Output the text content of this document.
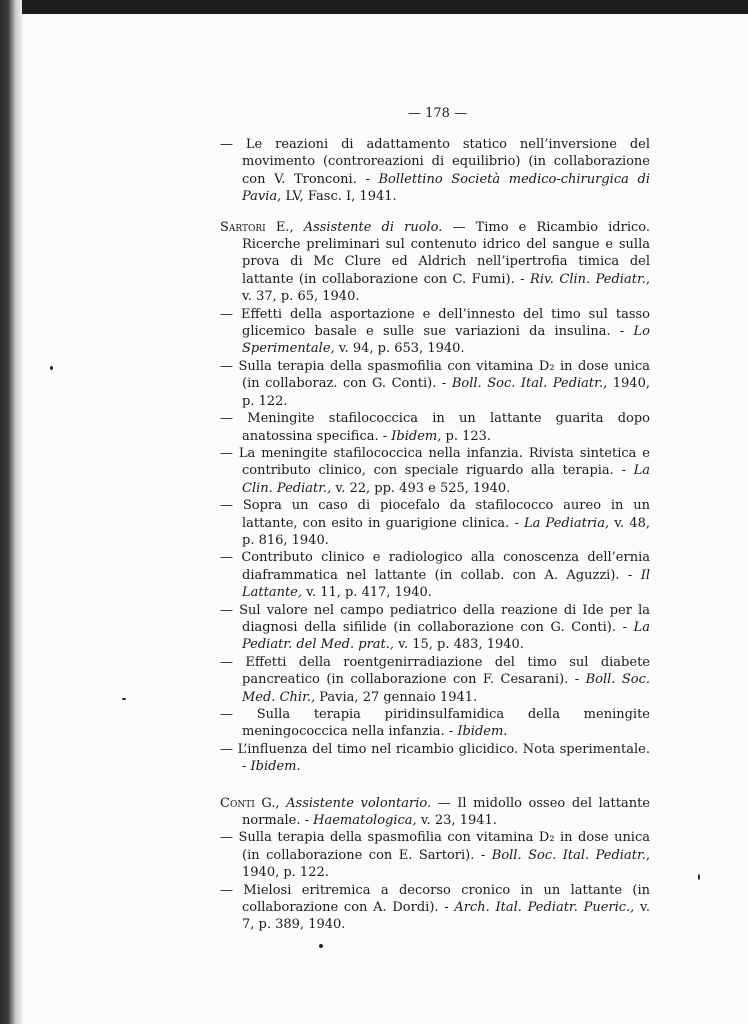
— 178 —
— Le reazioni di adattamento statico nell’inversione del movimento (controreazioni di equilibrio) (in collaborazione con V. Tronconi. - Bollettino Società medico-chirurgica di Pavia, LV, Fasc. I, 1941.
Sartori E., Assistente di ruolo. — Timo e Ricambio idrico. Ricerche preliminari sul contenuto idrico del sangue e sulla prova di Mc Clure ed Aldrich nell’ipertrofia timica del lattante (in collaborazione con C. Fumi). - Riv. Clin. Pediatr., v. 37, p. 65, 1940.
— Effetti della asportazione e dell’innesto del timo sul tasso glicemico basale e sulle sue variazioni da insulina. - Lo Sperimentale, v. 94, p. 653, 1940.
— Sulla terapia della spasmofilia con vitamina D₂ in dose unica (in collaboraz. con G. Conti). - Boll. Soc. Ital. Pediatr., 1940, p. 122.
— Meningite stafilococcica in un lattante guarita dopo anatossina specifica. - Ibidem, p. 123.
— La meningite stafilococcica nella infanzia. Rivista sintetica e contributo clinico, con speciale riguardo alla terapia. - La Clin. Pediatr., v. 22, pp. 493 e 525, 1940.
— Sopra un caso di piocefalo da stafilococco aureo in un lattante, con esito in guarigione clinica. - La Pediatria, v. 48, p. 816, 1940.
— Contributo clinico e radiologico alla conoscenza dell’ernia diaframmatica nel lattante (in collab. con A. Aguzzi). - Il Lattante, v. 11, p. 417, 1940.
— Sul valore nel campo pediatrico della reazione di Ide per la diagnosi della sifilide (in collaborazione con G. Conti). - La Pediatr. del Med. prat., v. 15, p. 483, 1940.
— Effetti della roentgenirradiazione del timo sul diabete pancreatico (in collaborazione con F. Cesarani). - Boll. Soc. Med. Chir., Pavia, 27 gennaio 1941.
— Sulla terapia piridinsulfamidica della meningite meningococcica nella infanzia. - Ibidem.
— L’influenza del timo nel ricambio glicidico. Nota sperimentale. - Ibidem.
Conti G., Assistente volontario. — Il midollo osseo del lattante normale. - Haematologica, v. 23, 1941.
— Sulla terapia della spasmofilia con vitamina D₂ in dose unica (in collaborazione con E. Sartori). - Boll. Soc. Ital. Pediatr., 1940, p. 122.
— Mielosi eritremica a decorso cronico in un lattante (in collaborazione con A. Dordi). - Arch. Ital. Pediatr. Pueric., v. 7, p. 389, 1940.
